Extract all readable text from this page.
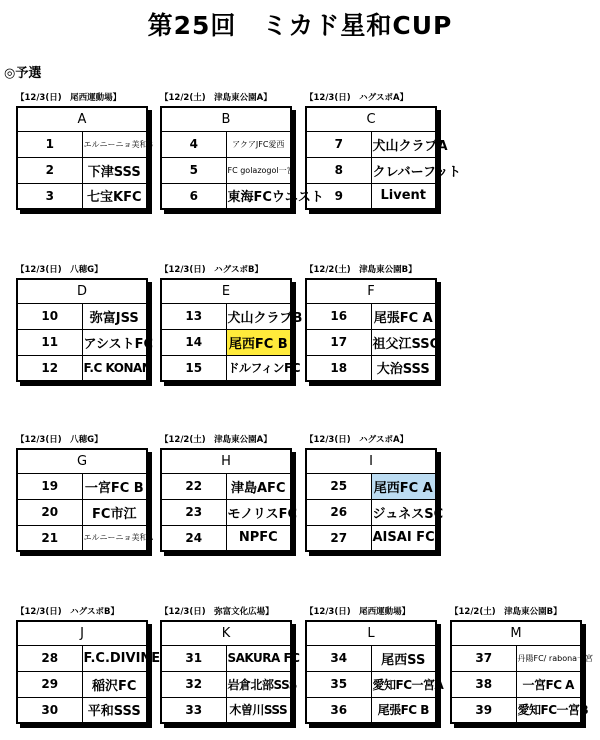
第25回　ミカド星和CUP
◎予選
【12/3(日)　尾西運動場】
A	
1	エルニーニョ美和B
2	下津SSS
3	七宝KFC
【12/2(土)　津島東公園A】
B	
4	アクアJFC愛西
5	FC golazogol一宮
6	東海FCウエスト
【12/3(日)　ハグスポA】
C	
7	犬山クラブA
8	クレバーフット
9	Livent
【12/3(日)　八穂G】
D	
10	弥富JSS
11	アシストFC
12	F.C KONAN
【12/3(日)　ハグスポB】
E	
13	犬山クラブB
14	尾西FC B
15	ドルフィンFC
【12/2(土)　津島東公園B】
F	
16	尾張FC A
17	祖父江SSC
18	大治SSS
【12/3(日)　八穂G】
G	
19	一宮FC B
20	FC市江
21	エルニーニョ美和A
【12/2(土)　津島東公園A】
H	
22	津島AFC
23	モノリスFC
24	NPFC
【12/3(日)　ハグスポA】
I	
25	尾西FC A
26	ジュネスSC
27	AISAI FC
【12/3(日)　ハグスポB】
J	
28	F.C.DIVINE
29	稲沢FC
30	平和SSS
【12/3(日)　弥富文化広場】
K	
31	SAKURA FC
32	岩倉北部SSS
33	木曽川SSS
【12/3(日)　尾西運動場】
L	
34	尾西SS
35	愛知FC一宮A
36	尾張FC B
【12/2(土)　津島東公園B】
M	
37	丹陽FC/ rabona一宮
38	一宮FC A
39	愛知FC一宮B
